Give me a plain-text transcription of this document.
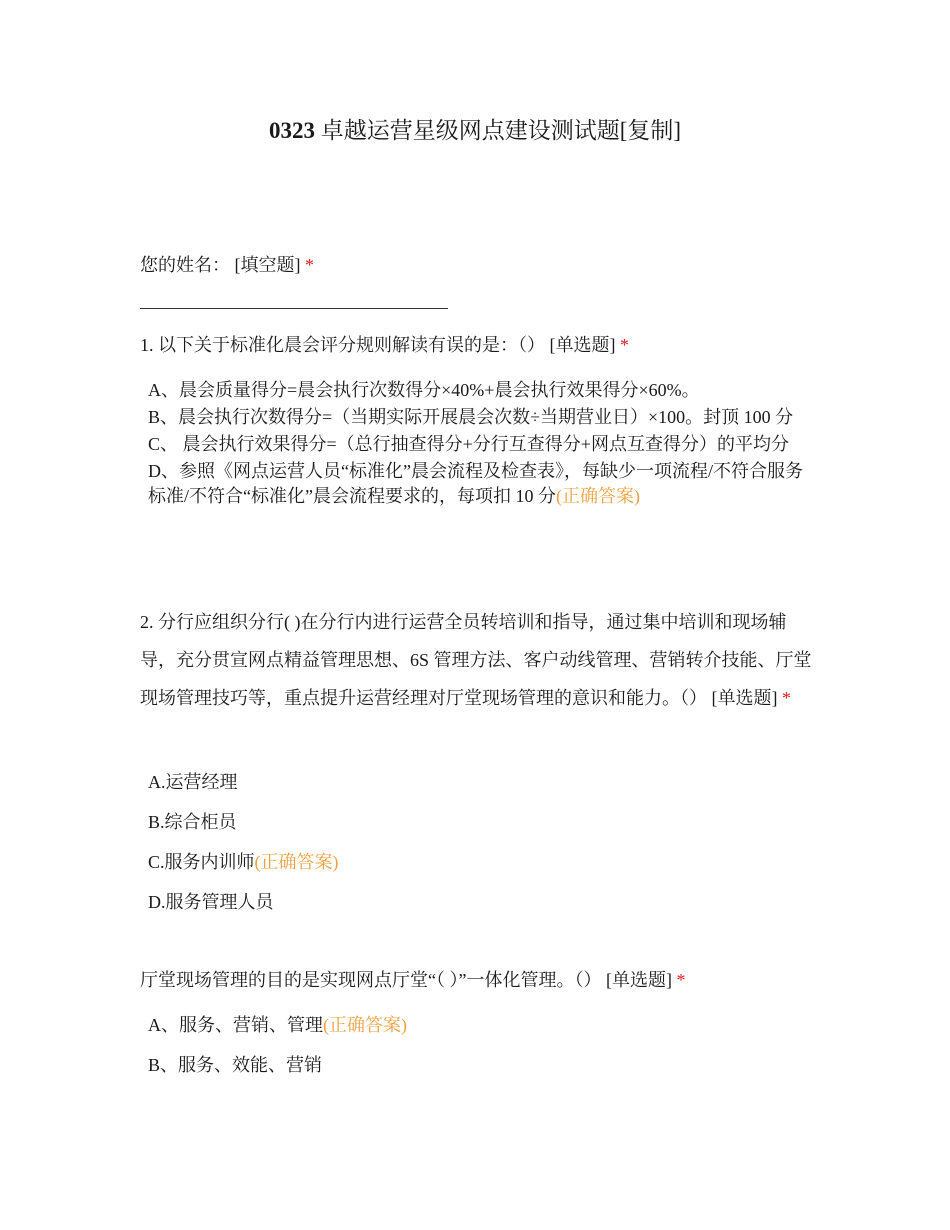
0323 卓越运营星级网点建设测试题[复制]
您的姓名： [填空题] *
1. 以下关于标准化晨会评分规则解读有误的是：（） [单选题] *
A、晨会质量得分=晨会执行次数得分×40%+晨会执行效果得分×60%。
B、晨会执行次数得分=（当期实际开展晨会次数÷当期营业日）×100。封顶 100 分
C、 晨会执行效果得分=（总行抽查得分+分行互查得分+网点互查得分）的平均分
D、参照《网点运营人员“标准化”晨会流程及检查表》，每缺少一项流程/不符合服务标准/不符合“标准化”晨会流程要求的，每项扣 10 分(正确答案)
2. 分行应组织分行( )在分行内进行运营全员转培训和指导，通过集中培训和现场辅导，充分贯宣网点精益管理思想、6S 管理方法、客户动线管理、营销转介技能、厅堂现场管理技巧等，重点提升运营经理对厅堂现场管理的意识和能力。（） [单选题] *
A.运营经理
B.综合柜员
C.服务内训师(正确答案)
D.服务管理人员
厅堂现场管理的目的是实现网点厅堂“（ ）”一体化管理。（） [单选题] *
A、服务、营销、管理(正确答案)
B、服务、效能、营销
